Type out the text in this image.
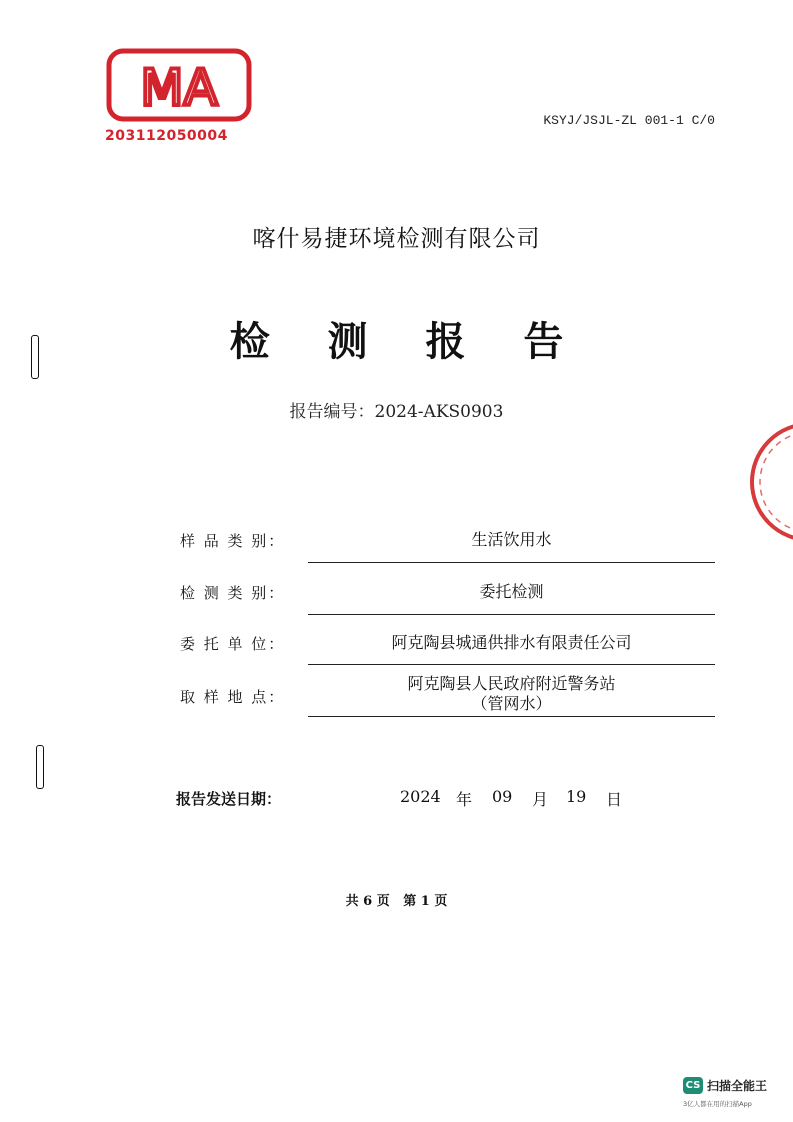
MA
203112050004
KSYJ/JSJL-ZL 001-1 C/0
喀什易捷环境检测有限公司
检 测 报 告
报告编号：2024-AKS0903
样 品 类 别：	生活饮用水
检 测 类 别：	委托检测
委 托 单 位：	阿克陶县城通供排水有限责任公司
取 样 地 点：
阿克陶县人民政府附近警务站
（管网水）
报告发送日期：	2024 年 09 月 19 日
共 6 页   第 1 页
CS 扫描全能王
3亿人都在用的扫描App
